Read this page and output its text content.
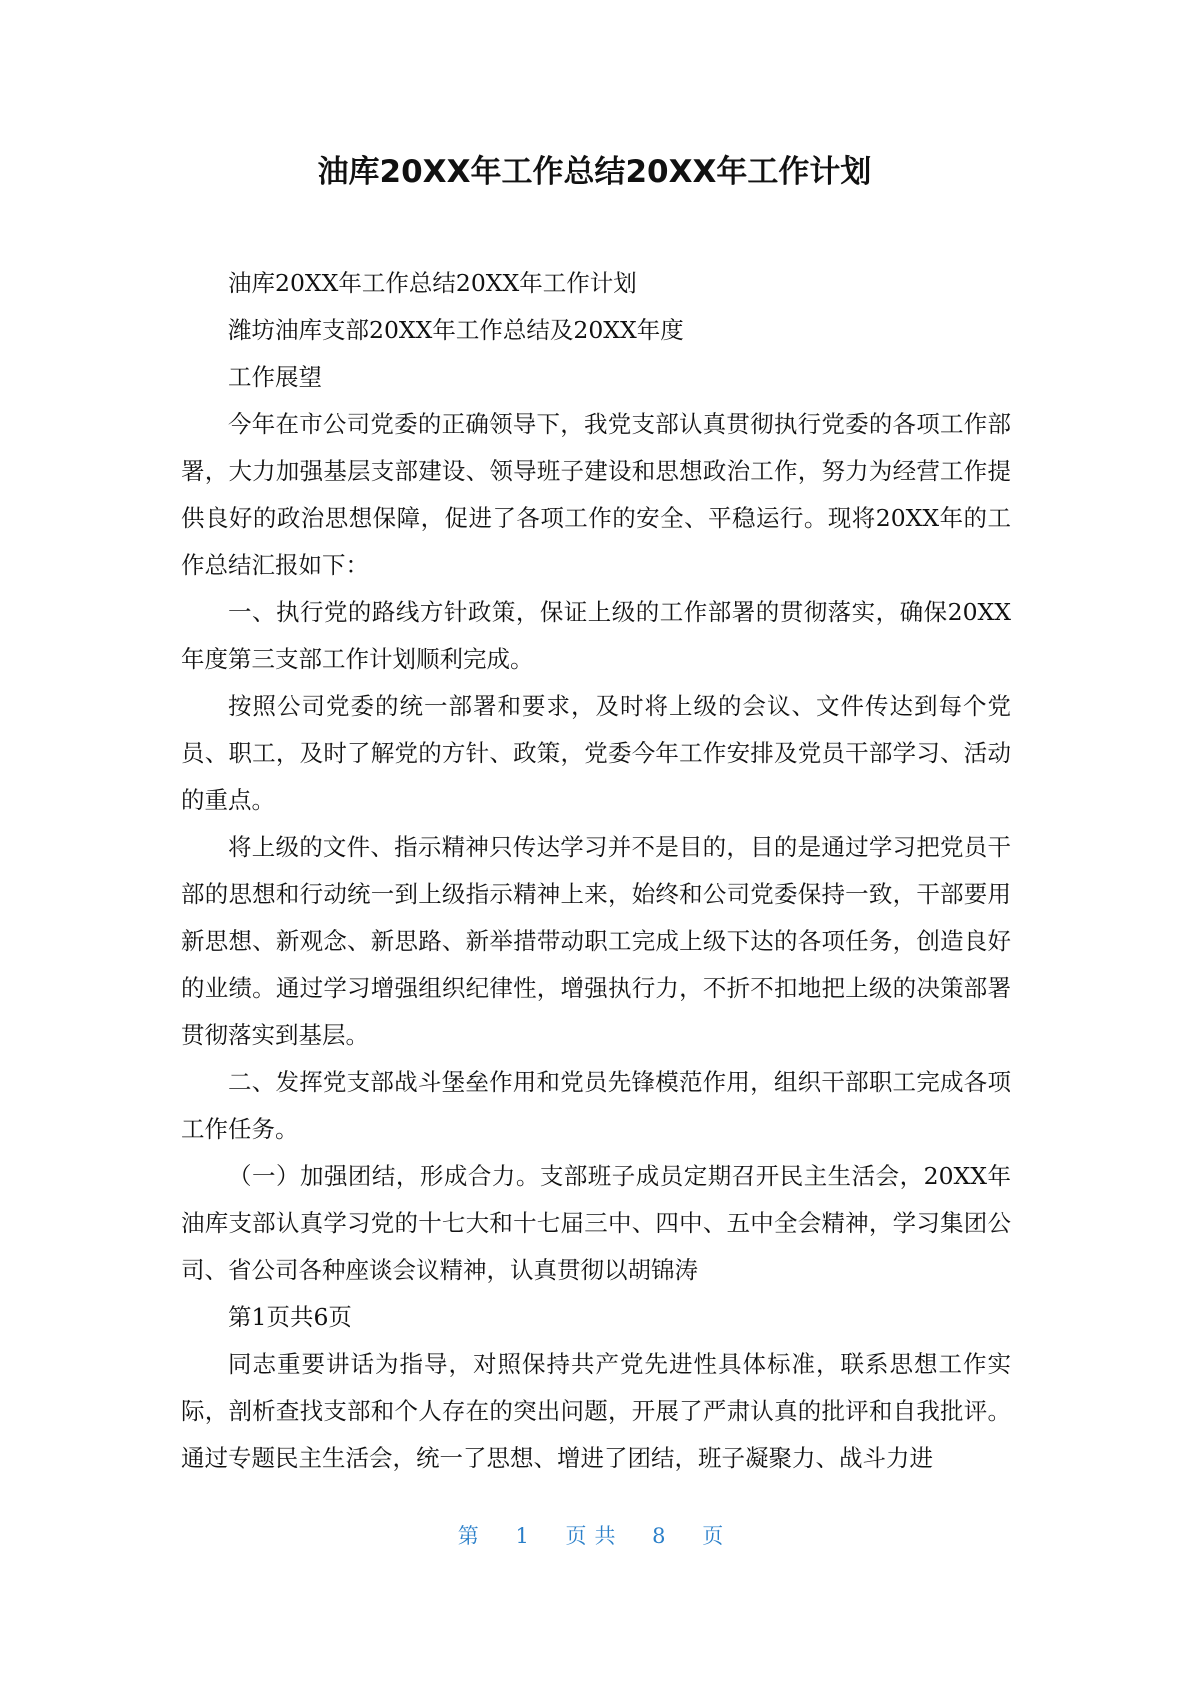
油库20XX年工作总结20XX年工作计划

油库20XX年工作总结20XX年工作计划

潍坊油库支部20XX年工作总结及20XX年度

工作展望

今年在市公司党委的正确领导下，我党支部认真贯彻执行党委的各项工作部署，大力加强基层支部建设、领导班子建设和思想政治工作，努力为经营工作提供良好的政治思想保障，促进了各项工作的安全、平稳运行。现将20XX年的工作总结汇报如下：

一、执行党的路线方针政策，保证上级的工作部署的贯彻落实，确保20XX年度第三支部工作计划顺利完成。

按照公司党委的统一部署和要求，及时将上级的会议、文件传达到每个党员、职工，及时了解党的方针、政策，党委今年工作安排及党员干部学习、活动的重点。

将上级的文件、指示精神只传达学习并不是目的，目的是通过学习把党员干部的思想和行动统一到上级指示精神上来，始终和公司党委保持一致，干部要用新思想、新观念、新思路、新举措带动职工完成上级下达的各项任务，创造良好的业绩。通过学习增强组织纪律性，增强执行力，不折不扣地把上级的决策部署贯彻落实到基层。

二、发挥党支部战斗堡垒作用和党员先锋模范作用，组织干部职工完成各项工作任务。

（一）加强团结，形成合力。支部班子成员定期召开民主生活会，20XX年油库支部认真学习党的十七大和十七届三中、四中、五中全会精神，学习集团公司、省公司各种座谈会议精神，认真贯彻以胡锦涛

第1页共6页

同志重要讲话为指导，对照保持共产党先进性具体标准，联系思想工作实际，剖析查找支部和个人存在的突出问题，开展了严肃认真的批评和自我批评。通过专题民主生活会，统一了思想、增进了团结，班子凝聚力、战斗力进

第 1 页共 8 页
